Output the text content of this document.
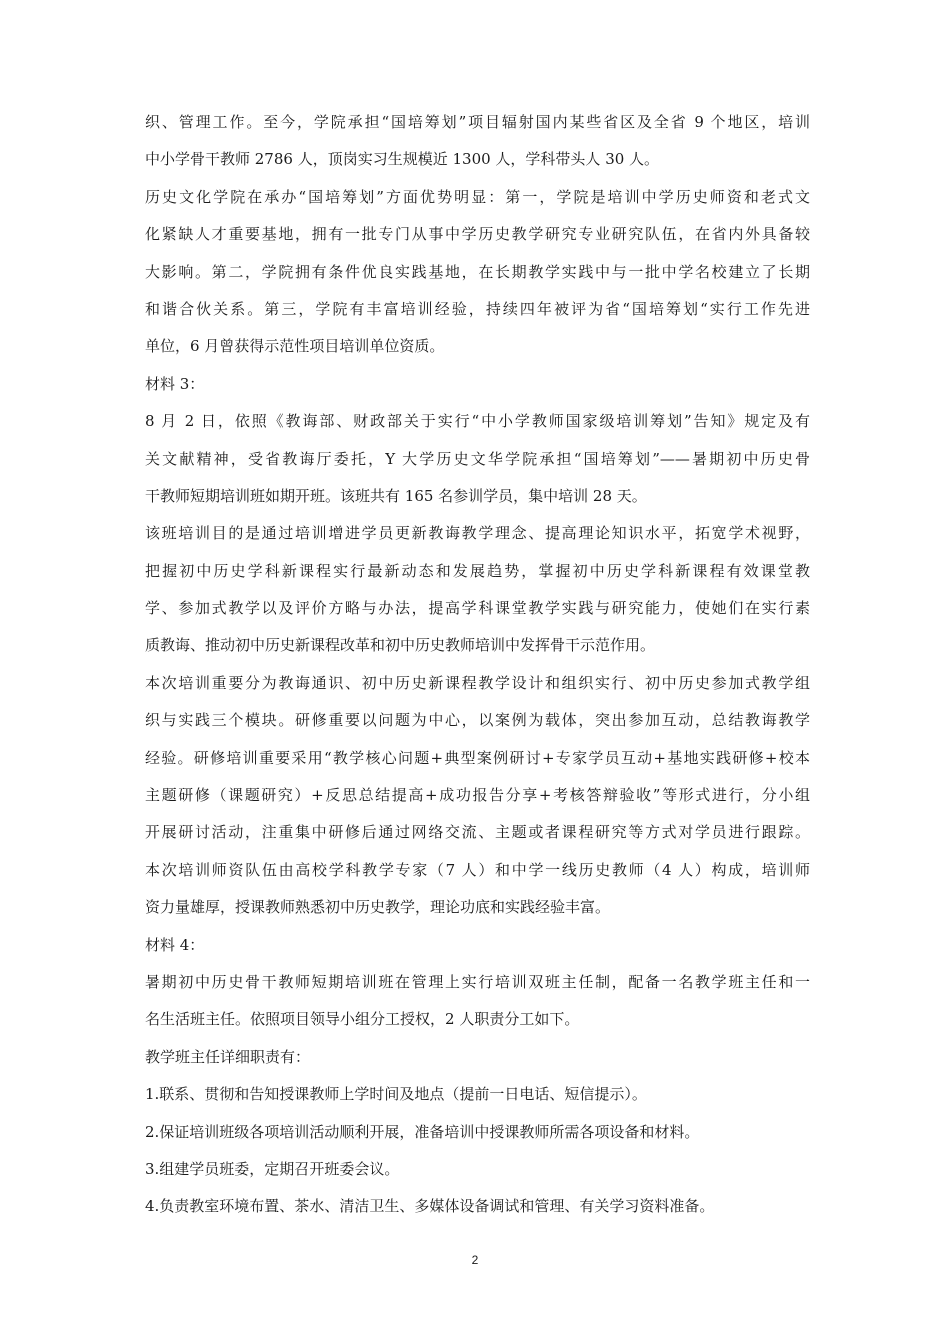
织、管理工作。至今，学院承担“国培筹划”项目辐射国内某些省区及全省 9 个地区，培训
中小学骨干教师 2786 人，顶岗实习生规模近 1300 人，学科带头人 30 人。
历史文化学院在承办“国培筹划”方面优势明显：第一，学院是培训中学历史师资和老式文
化紧缺人才重要基地，拥有一批专门从事中学历史教学研究专业研究队伍，在省内外具备较
大影响。第二，学院拥有条件优良实践基地，在长期教学实践中与一批中学名校建立了长期
和谐合伙关系。第三，学院有丰富培训经验，持续四年被评为省“国培筹划“实行工作先进
单位，6 月曾获得示范性项目培训单位资质。
材料 3：
8 月 2 日，依照《教诲部、财政部关于实行“中小学教师国家级培训筹划”告知》规定及有
关文献精神，受省教诲厅委托，Y 大学历史文华学院承担“国培筹划”——暑期初中历史骨
干教师短期培训班如期开班。该班共有 165 名参训学员，集中培训 28 天。
该班培训目的是通过培训增进学员更新教诲教学理念、提高理论知识水平，拓宽学术视野，
把握初中历史学科新课程实行最新动态和发展趋势，掌握初中历史学科新课程有效课堂教
学、参加式教学以及评价方略与办法，提高学科课堂教学实践与研究能力，使她们在实行素
质教诲、推动初中历史新课程改革和初中历史教师培训中发挥骨干示范作用。
本次培训重要分为教诲通识、初中历史新课程教学设计和组织实行、初中历史参加式教学组
织与实践三个模块。研修重要以问题为中心，以案例为载体，突出参加互动，总结教诲教学
经验。研修培训重要采用“教学核心问题+典型案例研讨+专家学员互动+基地实践研修+校本
主题研修（课题研究）+反思总结提高+成功报告分享+考核答辩验收”等形式进行，分小组
开展研讨活动，注重集中研修后通过网络交流、主题或者课程研究等方式对学员进行跟踪。
本次培训师资队伍由高校学科教学专家（7 人）和中学一线历史教师（4 人）构成，培训师
资力量雄厚，授课教师熟悉初中历史教学，理论功底和实践经验丰富。
材料 4：
暑期初中历史骨干教师短期培训班在管理上实行培训双班主任制，配备一名教学班主任和一
名生活班主任。依照项目领导小组分工授权，2 人职责分工如下。
教学班主任详细职责有：
1.联系、贯彻和告知授课教师上学时间及地点（提前一日电话、短信提示）。
2.保证培训班级各项培训活动顺利开展，准备培训中授课教师所需各项设备和材料。
3.组建学员班委，定期召开班委会议。
4.负责教室环境布置、茶水、清洁卫生、多媒体设备调试和管理、有关学习资料准备。
2
